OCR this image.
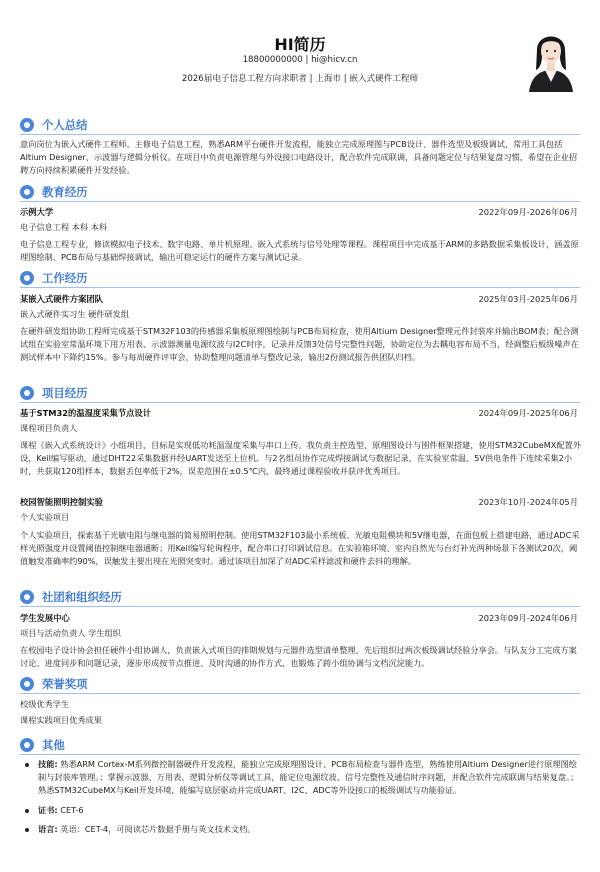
HI简历
18800000000 | hi@hicv.cn
2026届电子信息工程方向求职者 | 上海市 | 嵌入式硬件工程师
个人总结
意向岗位为嵌入式硬件工程师。主修电子信息工程，熟悉ARM平台硬件开发流程，能独立完成原理图与PCB设计、器件选型及板级调试，常用工具包括Altium Designer、示波器与逻辑分析仪。在项目中负责电源管理与外设接口电路设计，配合软件完成联调，具备问题定位与结果复盘习惯，希望在企业招聘方向持续积累硬件开发经验。
教育经历
示例大学	2022年09月-2026年06月
电子信息工程 本科 本科
电子信息工程专业，修读模拟电子技术、数字电路、单片机原理、嵌入式系统与信号处理等课程。课程项目中完成基于ARM的多路数据采集板设计，涵盖原理图绘制、PCB布局与基础焊接调试，输出可稳定运行的硬件方案与测试记录。
工作经历
某嵌入式硬件方案团队	2025年03月-2025年06月
嵌入式硬件实习生 硬件研发组
在硬件研发组协助工程师完成基于STM32F103的传感器采集板原理图绘制与PCB布局检查，使用Altium Designer整理元件封装库并输出BOM表；配合测试组在实验室常温环境下用万用表、示波器测量电源纹波与I2C时序，记录并反馈3处信号完整性问题，协助定位为去耦电容布局不当，经调整后板级噪声在测试样本中下降约15%。参与每周硬件评审会，协助整理问题清单与整改记录，输出2份测试报告供团队归档。
项目经历
基于STM32的温湿度采集节点设计	2024年09月-2025年06月
课程项目负责人
课程《嵌入式系统设计》小组项目，目标是实现低功耗温湿度采集与串口上传。我负责主控选型、原理图设计与围件框架搭建，使用STM32CubeMX配置外设，Keil编写驱动，通过DHT22采集数据并经UART发送至上位机。与2名组员协作完成焊接调试与数据记录，在实验室常温、5V供电条件下连续采集2小时，共获取120组样本，数据丢包率低于2%，误差范围在±0.5℃内，最终通过课程验收并获评优秀项目。
校园智能照明控制实验	2023年10月-2024年05月
个人实验项目
个人实验项目，探索基于光敏电阻与继电器的简易照明控制。使用STM32F103最小系统板、光敏电阻模块和5V继电器，在面包板上搭建电路，通过ADC采样光照强度并设置阈值控制继电器通断；用Keil编写轮询程序，配合串口打印调试信息。在实验箱环境、室内自然光与台灯补光两种场景下各测试20次，阈值触发准确率约90%，误触发主要出现在光照突变时。通过该项目加深了对ADC采样滤波和硬件去抖的理解。
社团和组织经历
学生发展中心	2023年09月-2024年06月
项目与活动负责人 学生组织
在校园电子设计协会担任硬件小组协调人，负责嵌入式项目的排期规划与元器件选型清单整理，先后组织过两次板级调试经验分享会。与队友分工完成方案讨论、进度同步和问题记录，逐步形成按节点推进、及时沟通的协作方式，也锻炼了跨小组协调与文档沉淀能力。
荣誉奖项
校级优秀学生
课程实践项目优秀成果
其他
技能: 熟悉ARM Cortex-M系列微控制器硬件开发流程，能独立完成原理图设计、PCB布局检查与器件选型，熟练使用Altium Designer进行原理图绘制与封装库管理。；掌握示波器、万用表、逻辑分析仪等调试工具，能定位电源纹波、信号完整性及通信时序问题，并配合软件完成联调与结果复盘。；熟悉STM32CubeMX与Keil开发环境，能编写底层驱动并完成UART、I2C、ADC等外设接口的板级调试与功能验证。
证书: CET-6
语言: 英语：CET-4，可阅读芯片数据手册与英文技术文档。
